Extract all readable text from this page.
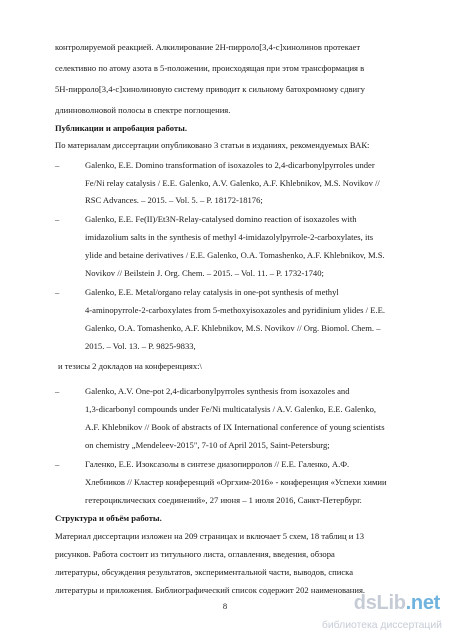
контролируемой реакцией. Алкилирование 2H-пирроло[3,4-c]хинолинов протекает
селективно по атому азота в 5-положении, происходящая при этом трансформация в
5H-пирроло[3,4-c]хинолиновую систему приводит к сильному батохромному сдвигу
длинноволновой полосы в спектре поглощения.
Публикации и апробация работы.
По материалам диссертации опубликовано 3 статьи в изданиях, рекомендуемых ВАК:
–	Galenko, E.E. Domino transformation of isoxazoles to 2,4-dicarbonylpyrroles under
Fe/Ni relay catalysis / E.E. Galenko, A.V. Galenko, A.F. Khlebnikov, M.S. Novikov //
RSC Advances. – 2015. – Vol. 5. – P. 18172-18176;
–	Galenko, E.E. Fe(II)/Et3N-Relay-catalysed domino reaction of isoxazoles with
imidazolium salts in the synthesis of methyl 4-imidazolylpyrrole-2-carboxylates, its
ylide and betaine derivatives / E.E. Galenko, O.A. Tomashenko, A.F. Khlebnikov, M.S.
Novikov // Beilstein J. Org. Chem. – 2015. – Vol. 11. – P. 1732-1740;
–	Galenko, E.E. Metal/organo relay catalysis in one-pot synthesis of methyl
4-aminopyrrole-2-carboxylates from 5-methoxyisoxazoles and pyridinium ylides / E.E.
Galenko, O.A. Tomashenko, A.F. Khlebnikov, M.S. Novikov // Org. Biomol. Chem. –
2015. – Vol. 13. – P. 9825-9833,
и тезисы 2 докладов на конференциях:\
–	Galenko, A.V. One-pot 2,4-dicarbonylpyrroles synthesis from isoxazoles and
1,3-dicarbonyl compounds under Fe/Ni multicatalysis / A.V. Galenko, E.E. Galenko,
A.F. Khlebnikov // Book of abstracts of IX International conference of young scientists
on chemistry „Mendeleev-2015", 7-10 of April 2015, Saint-Petersburg;
–	Галенко, Е.Е. Изоксазолы в синтезе диазопирролов // Е.Е. Галенко, А.Ф.
Хлебников // Кластер конференций «Оргхим-2016» - конференция «Успехи химии
гетероциклических соединений», 27 июня – 1 июля 2016, Санкт-Петербург.
Структура и объём работы.
Материал диссертации изложен на 209 страницах и включает 5 схем, 18 таблиц и 13
рисунков. Работа состоит из титульного листа, оглавления, введения, обзора
литературы, обсуждения результатов, экспериментальной части, выводов, списка
литературы и приложения. Библиографический список содержит 202 наименования.
8	dsLib.net
библиотека диссертаций
